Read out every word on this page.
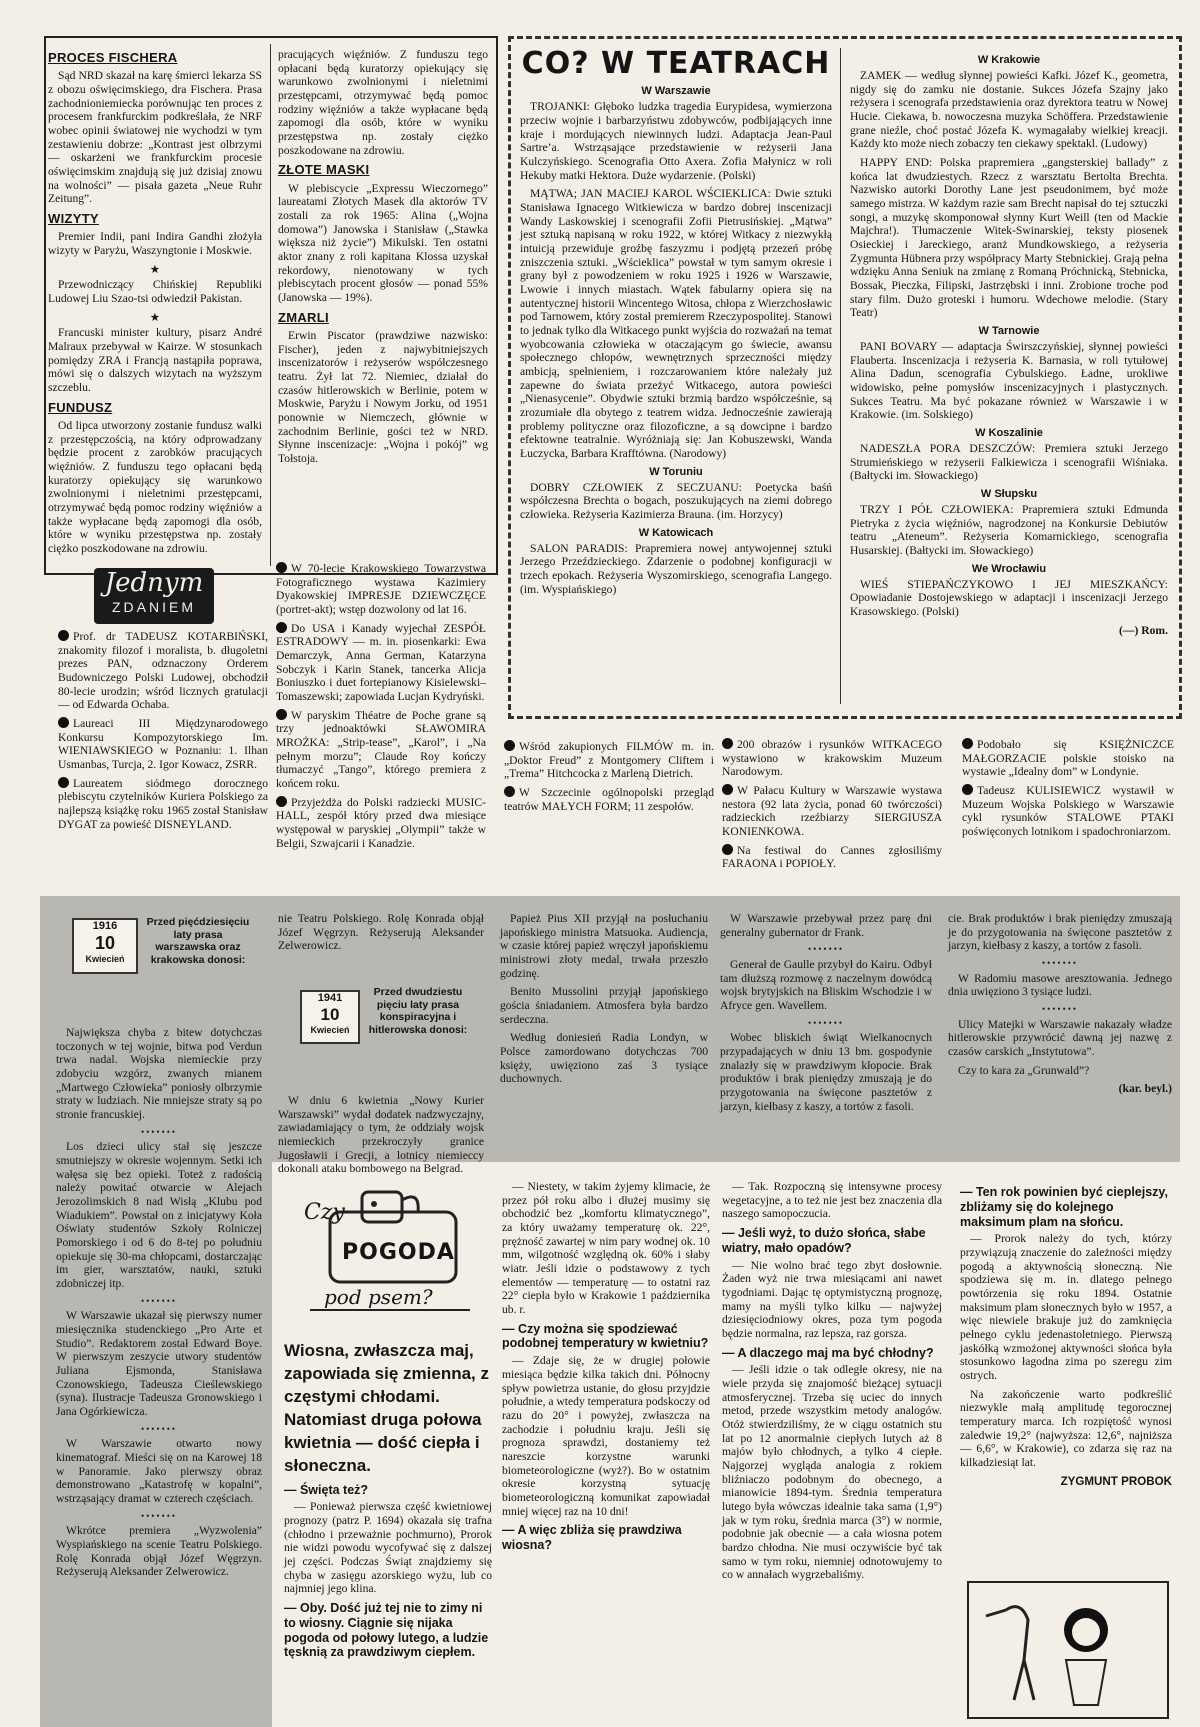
PROCES FISCHERA

Sąd NRD skazał na karę śmierci lekarza SS z obozu oświęcimskiego, dra Fischera. Prasa zachodnioniemiecka porównując ten proces z procesem frankfurckim podkreślała, że NRF wobec opinii światowej nie wychodzi w tym zestawieniu dobrze: „Kontrast jest olbrzymi — oskarżeni we frankfurckim procesie oświęcimskim znajdują się już dzisiaj znowu na wolności” — pisała gazeta „Neue Ruhr Zeitung”.

WIZYTY

Premier Indii, pani Indira Gandhi złożyła wizyty w Paryżu, Waszyngtonie i Moskwie.

★

Przewodniczący Chińskiej Republiki Ludowej Liu Szao-tsi odwiedził Pakistan.

★

Francuski minister kultury, pisarz André Malraux przebywał w Kairze. W stosunkach pomiędzy ZRA i Francją nastąpiła poprawa, mówi się o dalszych wizytach na wyższym szczeblu.

FUNDUSZ

Od lipca utworzony zostanie fundusz walki z przestępczością, na który odprowadzany będzie procent z zarobków pracujących więźniów. Z funduszu tego opłacani będą kuratorzy opiekujący się warunkowo zwolnionymi i nieletnimi przestępcami, otrzymywać będą pomoc rodziny więźniów a także wypłacane będą zapomogi dla osób, które w wyniku przestępstwa np. zostały ciężko poszkodowane na zdrowiu.

pracujących więźniów. Z funduszu tego opłacani będą kuratorzy opiekujący się warunkowo zwolnionymi i nieletnimi przestępcami, otrzymywać będą pomoc rodziny więźniów a także wypłacane będą zapomogi dla osób, które w wyniku przestępstwa np. zostały ciężko poszkodowane na zdrowiu.

ZŁOTE MASKI

W plebiscycie „Expressu Wieczornego” laureatami Złotych Masek dla aktorów TV zostali za rok 1965: Alina („Wojna domowa”) Janowska i Stanisław („Stawka większa niż życie”) Mikulski. Ten ostatni aktor znany z roli kapitana Klossa uzyskał rekordowy, nienotowany w tych plebiscytach procent głosów — ponad 55% (Janowska — 19%).

ZMARLI

Erwin Piscator (prawdziwe nazwisko: Fischer), jeden z najwybitniejszych inscenizatorów i reżyserów współczesnego teatru. Żył lat 72. Niemiec, działał do czasów hitlerowskich w Berlinie, potem w Moskwie, Paryżu i Nowym Jorku, od 1951 ponownie w Niemczech, głównie w zachodnim Berlinie, gości też w NRD. Słynne inscenizacje: „Wojna i pokój” wg Tołstoja.

CO? W TEATRACH
W Warszawie

TROJANKI: Głęboko ludzka tragedia Eurypidesa, wymierzona przeciw wojnie i barbarzyństwu zdobywców, podbijających inne kraje i mordujących niewinnych ludzi. Adaptacja Jean-Paul Sartre’a. Wstrząsające przedstawienie w reżyserii Jana Kulczyńskiego. Scenografia Otto Axera. Zofia Małynicz w roli Hekuby matki Hektora. Duże wydarzenie. (Polski)

MĄTWA; JAN MACIEJ KAROL WŚCIEKLICA: Dwie sztuki Stanisława Ignacego Witkiewicza w bardzo dobrej inscenizacji Wandy Laskowskiej i scenografii Zofii Pietrusińskiej. „Mątwa” jest sztuką napisaną w roku 1922, w której Witkacy z niezwykłą intuicją przewiduje groźbę faszyzmu i podjętą przezeń próbę zniszczenia sztuki. „Wścieklica” powstał w tym samym okresie i grany był z powodzeniem w roku 1925 i 1926 w Warszawie, Lwowie i innych miastach. Wątek fabularny opiera się na autentycznej historii Wincentego Witosa, chłopa z Wierzchosławic pod Tarnowem, który został premierem Rzeczypospolitej. Stanowi to jednak tylko dla Witkacego punkt wyjścia do rozważań na temat wyobcowania człowieka w otaczającym go świecie, awansu społecznego chłopów, wewnętrznych sprzeczności między ambicją, spełnieniem, i rozczarowaniem które należały już zapewne do świata przeżyć Witkacego, autora powieści „Nienasycenie”. Obydwie sztuki brzmią bardzo współcześnie, są zrozumiałe dla obytego z teatrem widza. Jednocześnie zawierają problemy polityczne oraz filozoficzne, a są dowcipne i bardzo efektowne teatralnie. Wyróżniają się: Jan Kobuszewski, Wanda Łuczycka, Barbara Krafftówna. (Narodowy)

W Toruniu

DOBRY CZŁOWIEK Z SECZUANU: Poetycka baśń współczesna Brechta o bogach, poszukujących na ziemi dobrego człowieka. Reżyseria Kazimierza Brauna. (im. Horzycy)

W Katowicach

SALON PARADIS: Prapremiera nowej antywojennej sztuki Jerzego Przeździeckiego. Zdarzenie o podobnej konfiguracji w trzech epokach. Reżyseria Wyszomirskiego, scenografia Langego. (im. Wyspiańskiego)

W Krakowie

ZAMEK — według słynnej powieści Kafki. Józef K., geometra, nigdy się do zamku nie dostanie. Sukces Józefa Szajny jako reżysera i scenografa przedstawienia oraz dyrektora teatru w Nowej Hucie. Ciekawa, b. nowoczesna muzyka Schöffera. Przedstawienie grane nieźle, choć postać Józefa K. wymagałaby wielkiej kreacji. Każdy kto może niech zobaczy ten ciekawy spektakl. (Ludowy)

HAPPY END: Polska prapremiera „gangsterskiej ballady” z końca lat dwudziestych. Rzecz z warsztatu Bertolta Brechta. Nazwisko autorki Dorothy Lane jest pseudonimem, być może samego mistrza. W każdym razie sam Brecht napisał do tej sztuczki songi, a muzykę skomponował słynny Kurt Weill (ten od Mackie Majchra!). Tłumaczenie Witek-Swinarskiej, teksty piosenek Osieckiej i Jareckiego, aranż Mundkowskiego, a reżyseria Zygmunta Hübnera przy współpracy Marty Stebnickiej. Grają pełna wdzięku Anna Seniuk na zmianę z Romaną Próchnicką, Stebnicka, Bossak, Pieczka, Filipski, Jastrzębski i inni. Zrobione troche pod stary film. Dużo groteski i humoru. Wdechowe melodie. (Stary Teatr)

W Tarnowie

PANI BOVARY — adaptacja Świrszczyńskiej, słynnej powieści Flauberta. Inscenizacja i reżyseria K. Barnasia, w roli tytułowej Alina Dadun, scenografia Cybulskiego. Ładne, urokliwe widowisko, pełne pomysłów inscenizacyjnych i plastycznych. Sukces Teatru. Ma być pokazane również w Warszawie i w Krakowie. (im. Solskiego)

W Koszalinie

NADESZŁA PORA DESZCZÓW: Premiera sztuki Jerzego Strumieńskiego w reżyserii Falkiewicza i scenografii Wiśniaka. (Bałtycki im. Słowackiego)

W Słupsku

TRZY I PÓŁ CZŁOWIEKA: Prapremiera sztuki Edmunda Pietryka z życia więźniów, nagrodzonej na Konkursie Debiutów teatru „Ateneum”. Reżyseria Komarnickiego, scenografia Husarskiej. (Bałtycki im. Słowackiego)

We Wrocławiu

WIEŚ STIEPAŃCZYKOWO I JEJ MIESZKAŃCY: Opowiadanie Dostojewskiego w adaptacji i inscenizacji Jerzego Krasowskiego. (Polski)

(—) Rom.
Jednym
ZDANIEM

Prof. dr TADEUSZ KOTARBIŃSKI, znakomity filozof i moralista, b. długoletni prezes PAN, odznaczony Orderem Budowniczego Polski Ludowej, obchodził 80-lecie urodzin; wśród licznych gratulacji — od Edwarda Ochaba.

Laureaci III Międzynarodowego Konkursu Kompozytorskiego Im. WIENIAWSKIEGO w Poznaniu: 1. Ilhan Usmanbas, Turcja, 2. Igor Kowacz, ZSRR.

Laureatem siódmego dorocznego plebiscytu czytelników Kuriera Polskiego za najlepszą książkę roku 1965 został Stanisław DYGAT za powieść DISNEYLAND.

W 70-lecie Krakowskiego Towarzystwa Fotograficznego wystawa Kazimiery Dyakowskiej IMPRESJE DZIEWCZĘCE (portret-akt); wstęp dozwolony od lat 16.

Do USA i Kanady wyjechał ZESPÓŁ ESTRADOWY — m. in. piosenkarki: Ewa Demarczyk, Anna German, Katarzyna Sobczyk i Karin Stanek, tancerka Alicja Boniuszko i duet fortepianowy Kisielewski–Tomaszewski; zapowiada Lucjan Kydryński.

W paryskim Théatre de Poche grane są trzy jednoaktówki SŁAWOMIRA MROŻKA: „Strip-tease”, „Karol”, i „Na pełnym morzu”; Claude Roy kończy tłumaczyć „Tango”, którego premiera z końcem roku.

Przyjeżdża do Polski radziecki MUSIC-HALL, zespół który przed dwa miesiące występował w paryskiej „Olympii” także w Belgii, Szwajcarii i Kanadzie.

Wśród zakupionych FILMÓW m. in. „Doktor Freud” z Montgomery Cliftem i „Trema” Hitchcocka z Marleną Dietrich.

W Szczecinie ogólnopolski przegląd teatrów MAŁYCH FORM; 11 zespołów.

200 obrazów i rysunków WITKACEGO wystawiono w krakowskim Muzeum Narodowym.

W Pałacu Kultury w Warszawie wystawa nestora (92 lata życia, ponad 60 twórczości) radzieckich rzeźbiarzy SIERGIUSZA KONIENKOWA.

Na festiwal do Cannes zgłosiliśmy FARAONA i POPIOŁY.

Podobało się KSIĘŻNICZCE MAŁGORZACIE polskie stoisko na wystawie „Idealny dom” w Londynie.

Tadeusz KULISIEWICZ wystawił w Muzeum Wojska Polskiego w Warszawie cykl rysunków STALOWE PTAKI poświęconych lotnikom i spadochroniarzom.

1916
10
Kwiecień
Przed pięćdziesięciu laty prasa warszawska oraz krakowska donosi:

Największa chyba z bitew dotychczas toczonych w tej wojnie, bitwa pod Verdun trwa nadal. Wojska niemieckie przy zdobyciu wzgórz, zwanych mianem „Martwego Człowieka” poniosły olbrzymie straty w ludziach. Nie mniejsze straty są po stronie francuskiej.

•••••••

Los dzieci ulicy stał się jeszcze smutniejszy w okresie wojennym. Setki ich wałęsa się bez opieki. Toteż z radością należy powitać otwarcie w Alejach Jerozolimskich 8 nad Wisłą „Klubu pod Wiadukiem”. Powstał on z inicjatywy Koła Oświaty studentów Szkoły Rolniczej Pomorskiego i od 6 do 8-tej po południu opiekuje się 30-ma chłopcami, dostarczając im gier, warsztatów, nauki, sztuki zdobniczej itp.

•••••••

W Warszawie ukazał się pierwszy numer miesięcznika studenckiego „Pro Arte et Studio”. Redaktorem został Edward Boye. W pierwszym zeszycie utwory studentów Juliana Ejsmonda, Stanisława Czonowskiego, Tadeusza Cieślewskiego (syna). Ilustracje Tadeusza Gronowskiego i Jana Ogórkiewicza.

•••••••

W Warszawie otwarto nowy kinematograf. Mieści się on na Karowej 18 w Panoramie. Jako pierwszy obraz demonstrowano „Katastrofę w kopalni”, wstrząsający dramat w czterech częściach.

•••••••

Wkrótce premiera „Wyzwolenia” Wyspiańskiego na scenie Teatru Polskiego. Rolę Konrada objął Józef Węgrzyn. Reżyserują Aleksander Zelwerowicz.

nie Teatru Polskiego. Rolę Konrada objął Józef Węgrzyn. Reżyserują Aleksander Zelwerowicz.

1941
10
Kwiecień
Przed dwudziestu pięciu laty prasa konspiracyjna i hitlerowska donosi:

W dniu 6 kwietnia „Nowy Kurier Warszawski” wydał dodatek nadzwyczajny, zawiadamiający o tym, że oddziały wojsk niemieckich przekroczyły granice Jugosławii i Grecji, a lotnicy niemieccy dokonali ataku bombowego na Belgrad.

Papież Pius XII przyjął na posłuchaniu japońskiego ministra Matsuoka. Audiencja, w czasie której papież wręczył japońskiemu ministrowi złoty medal, trwała przeszło godzinę.

Benito Mussolini przyjął japońskiego gościa śniadaniem. Atmosfera była bardzo serdeczna.

Według doniesień Radia Londyn, w Polsce zamordowano dotychczas 700 księży, uwięziono zaś 3 tysiące duchownych.

W Warszawie przebywał przez parę dni generalny gubernator dr Frank.

•••••••

Generał de Gaulle przybył do Kairu. Odbył tam dłuższą rozmowę z naczelnym dowódcą wojsk brytyjskich na Bliskim Wschodzie i w Afryce gen. Wavellem.

•••••••

Wobec bliskich świąt Wielkanocnych przypadających w dniu 13 bm. gospodynie znalazły się w prawdziwym kłopocie. Brak produktów i brak pieniędzy zmuszają je do przygotowania na święcone pasztetów z jarzyn, kiełbasy z kaszy, a tortów z fasoli.

cie. Brak produktów i brak pieniędzy zmuszają je do przygotowania na święcone pasztetów z jarzyn, kiełbasy z kaszy, a tortów z fasoli.

•••••••

W Radomiu masowe aresztowania. Jednego dnia uwięziono 3 tysiące ludzi.

•••••••

Ulicy Matejki w Warszawie nakazały władze hitlerowskie przywrócić dawną jej nazwę z czasów carskich „Instytutowa”.

Czy to kara za „Grunwald”?

(kar. beyl.)
Czy
POGODA
pod psem?
Wiosna, zwłaszcza maj, zapowiada się zmienna, z częstymi chłodami. Natomiast druga połowa kwietnia — dość ciepła i słoneczna.
— Święta też?

— Ponieważ pierwsza część kwietniowej prognozy (patrz P. 1694) okazała się trafna (chłodno i przeważnie pochmurno), Prorok nie widzi powodu wycofywać się z dalszej jej części. Podczas Świąt znajdziemy się chyba w zasięgu azorskiego wyżu, lub co najmniej jego klina.

— Oby. Dość już tej nie to zimy ni to wiosny. Ciągnie się nijaka pogoda od połowy lutego, a ludzie tęsknią za prawdziwym ciepłem.

— Niestety, w takim żyjemy klimacie, że przez pół roku albo i dłużej musimy się obchodzić bez „komfortu klimatycznego”, za który uważamy temperaturę ok. 22°, prężność zawartej w nim pary wodnej ok. 10 mm, wilgotność względną ok. 60% i słaby wiatr. Jeśli idzie o podstawowy z tych elementów — temperaturę — to ostatni raz 22° ciepła było w Krakowie 1 października ub. r.

— Czy można się spodziewać podobnej temperatury w kwietniu?

— Zdaje się, że w drugiej połowie miesiąca będzie kilka takich dni. Północny spływ powietrza ustanie, do głosu przyjdzie południe, a wtedy temperatura podskoczy od razu do 20° i powyżej, zwłaszcza na zachodzie i południu kraju. Jeśli się prognoza sprawdzi, dostaniemy też nareszcie korzystne warunki biometeorologiczne (wyż?). Bo w ostatnim okresie korzystną sytuację biometeorologiczną komunikat zapowiadał mniej więcej raz na 10 dni!

— A więc zbliża się prawdziwa wiosna?

— Tak. Rozpoczną się intensywne procesy wegetacyjne, a to też nie jest bez znaczenia dla naszego samopoczucia.

— Jeśli wyż, to dużo słońca, słabe wiatry, mało opadów?

— Nie wolno brać tego zbyt dosłownie. Żaden wyż nie trwa miesiącami ani nawet tygodniami. Dając tę optymistyczną prognozę, mamy na myśli tylko kilku — najwyżej dziesięciodniowy okres, poza tym pogoda będzie normalna, raz lepsza, raz gorsza.

— A dlaczego maj ma być chłodny?

— Jeśli idzie o tak odległe okresy, nie na wiele przyda się znajomość bieżącej sytuacji atmosferycznej. Trzeba się uciec do innych metod, przede wszystkim metody analogów. Otóż stwierdziliśmy, że w ciągu ostatnich stu lat po 12 anormalnie ciepłych lutych aż 8 majów było chłodnych, a tylko 4 ciepłe. Najgorzej wygląda analogia z rokiem bliźniaczo podobnym do obecnego, a mianowicie 1894-tym. Średnia temperatura lutego była wówczas idealnie taka sama (1,9°) jak w tym roku, średnia marca (3°) w normie, podobnie jak obecnie — a cała wiosna potem bardzo chłodna. Nie musi oczywiście być tak samo w tym roku, niemniej odnotowujemy to co w annałach wygrzebaliśmy.

— Ten rok powinien być cieplejszy, zbliżamy się do kolejnego maksimum plam na słońcu.

— Prorok należy do tych, którzy przywiązują znaczenie do zależności między pogodą a aktywnością słoneczną. Nie spodziewa się m. in. dlatego pełnego powtórzenia się roku 1894. Ostatnie maksimum plam słonecznych było w 1957, a więc niewiele brakuje już do zamknięcia pełnego cyklu jedenastoletniego. Pierwszą jaskółką wzmożonej aktywności słońca była stosunkowo łagodna zima po szeregu zim ostrych.

Na zakończenie warto podkreślić niezwykle małą amplitudę tegorocznej temperatury marca. Ich rozpiętość wynosi zaledwie 19,2° (najwyższa: 12,6°, najniższa — 6,6°, w Krakowie), co zdarza się raz na kilkadziesiąt lat.

ZYGMUNT PROBOK
